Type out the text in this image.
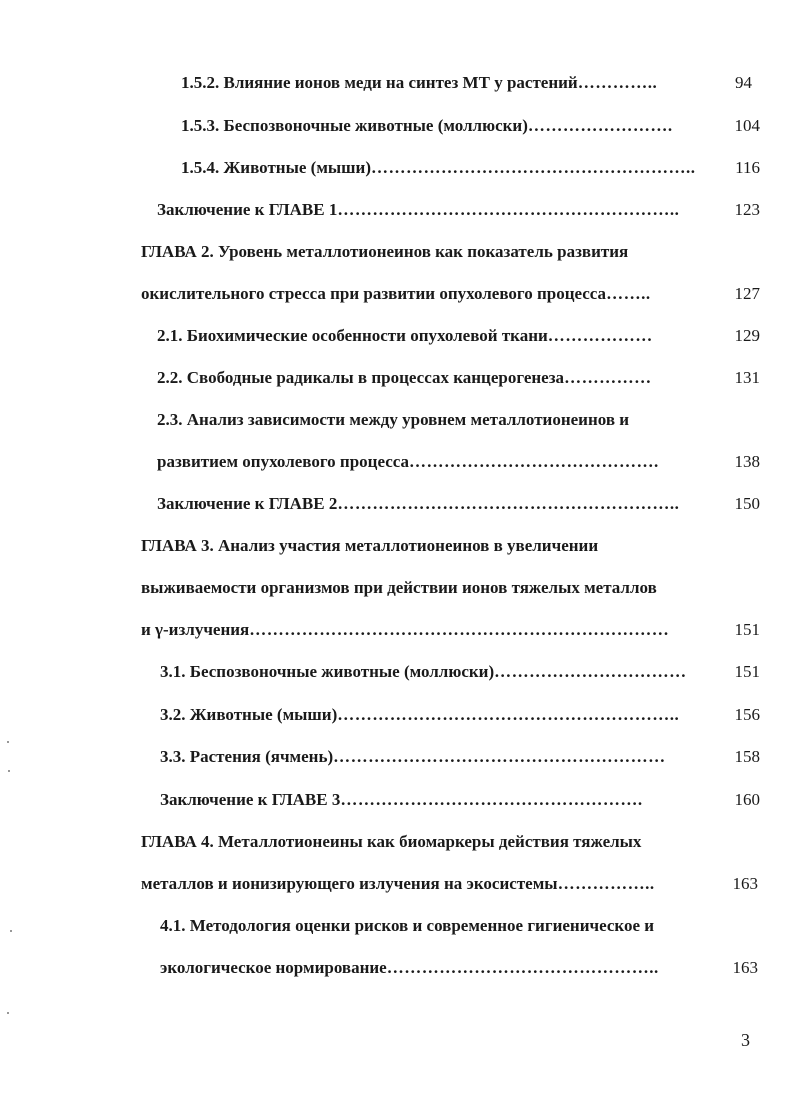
1.5.2. Влияние ионов меди на синтез МТ у растений…………..	94
1.5.3. Беспозвоночные животные (моллюски)…………………….	104
1.5.4. Животные (мыши)………………………………………………..	116
Заключение к ГЛАВЕ 1…………………………………………………..	123
ГЛАВА 2. Уровень металлотионеинов как показатель развития
окислительного стресса при развитии опухолевого процесса……..	127
2.1. Биохимические особенности опухолевой ткани………………	129
2.2. Свободные радикалы в процессах канцерогенеза……………	131
2.3. Анализ зависимости между уровнем металлотионеинов и
развитием опухолевого процесса…………………………………….	138
Заключение к ГЛАВЕ 2…………………………………………………..	150
ГЛАВА 3. Анализ участия металлотионеинов в увеличении
выживаемости организмов при действии ионов тяжелых металлов
и γ-излучения………………………………………………………………	151
3.1. Беспозвоночные животные (моллюски)……………………………	151
3.2. Животные (мыши)…………………………………………………..	156
3.3. Растения (ячмень)…………………………………………………	158
Заключение к ГЛАВЕ 3…………………………………………….	160
ГЛАВА 4. Металлотионеины как биомаркеры действия тяжелых
металлов и ионизирующего излучения на экосистемы……………..	163
4.1. Методология оценки рисков и современное гигиеническое и
экологическое нормирование………………………………………..	163
3
